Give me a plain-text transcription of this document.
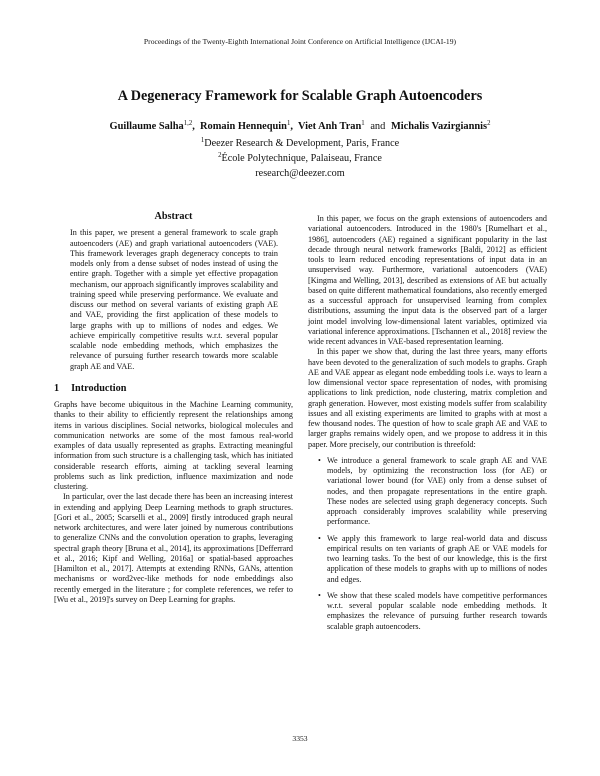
Proceedings of the Twenty-Eighth International Joint Conference on Artificial Intelligence (IJCAI-19)
A Degeneracy Framework for Scalable Graph Autoencoders
Guillaume Salha$^{1,2}$, Romain Hennequin$^1$, Viet Anh Tran$^1$ and Michalis Vazirgiannis$^2$
$^1$Deezer Research & Development, Paris, France
$^2$École Polytechnique, Palaiseau, France
research@deezer.com
Abstract

In this paper, we present a general framework to scale graph autoencoders (AE) and graph variational autoencoders (VAE). This framework leverages graph degeneracy concepts to train models only from a dense subset of nodes instead of using the entire graph. Together with a simple yet effective propagation mechanism, our approach significantly improves scalability and training speed while preserving performance. We evaluate and discuss our method on several variants of existing graph AE and VAE, providing the first application of these models to large graphs with up to millions of nodes and edges. We achieve empirically competitive results w.r.t. several popular scalable node embedding methods, which emphasizes the relevance of pursuing further research towards more scalable graph AE and VAE.

1 Introduction

Graphs have become ubiquitous in the Machine Learning community, thanks to their ability to efficiently represent the relationships among items in various disciplines. Social networks, biological molecules and communication networks are some of the most famous real-world examples of data usually represented as graphs. Extracting meaningful information from such structure is a challenging task, which has initiated considerable research efforts, aiming at tackling several learning problems such as link prediction, influence maximization and node clustering.

In particular, over the last decade there has been an increasing interest in extending and applying Deep Learning methods to graph structures. [Gori et al., 2005; Scarselli et al., 2009] firstly introduced graph neural network architectures, and were later joined by numerous contributions to generalize CNNs and the convolution operation to graphs, leveraging spectral graph theory [Bruna et al., 2014], its approximations [Defferrard et al., 2016; Kipf and Welling, 2016a] or spatial-based approaches [Hamilton et al., 2017]. Attempts at extending RNNs, GANs, attention mechanisms or word2vec-like methods for node embeddings also recently emerged in the literature ; for complete references, we refer to [Wu et al., 2019]'s survey on Deep Learning for graphs.

In this paper, we focus on the graph extensions of autoencoders and variational autoencoders. Introduced in the 1980's [Rumelhart et al., 1986], autoencoders (AE) regained a significant popularity in the last decade through neural network frameworks [Baldi, 2012] as efficient tools to learn reduced encoding representations of input data in an unsupervised way. Furthermore, variational autoencoders (VAE) [Kingma and Welling, 2013], described as extensions of AE but actually based on quite different mathematical foundations, also recently emerged as a successful approach for unsupervised learning from complex distributions, assuming the input data is the observed part of a larger joint model involving low-dimensional latent variables, optimized via variational inference approximations. [Tschannen et al., 2018] review the wide recent advances in VAE-based representation learning.

In this paper we show that, during the last three years, many efforts have been devoted to the generalization of such models to graphs. Graph AE and VAE appear as elegant node embedding tools i.e. ways to learn a low dimensional vector space representation of nodes, with promising applications to link prediction, node clustering, matrix completion and graph generation. However, most existing models suffer from scalability issues and all existing experiments are limited to graphs with at most a few thousand nodes. The question of how to scale graph AE and VAE to larger graphs remains widely open, and we propose to address it in this paper. More precisely, our contribution is threefold:

• We introduce a general framework to scale graph AE and VAE models, by optimizing the reconstruction loss (for AE) or variational lower bound (for VAE) only from a dense subset of nodes, and then propagate representations in the entire graph. These nodes are selected using graph degeneracy concepts. Such approach considerably improves scalability while preserving performance.
• We apply this framework to large real-world data and discuss empirical results on ten variants of graph AE or VAE models for two learning tasks. To the best of our knowledge, this is the first application of these models to graphs with up to millions of nodes and edges.
• We show that these scaled models have competitive performances w.r.t. several popular scalable node embedding methods. It emphasizes the relevance of pursuing further research towards scalable graph autoencoders.
3353
